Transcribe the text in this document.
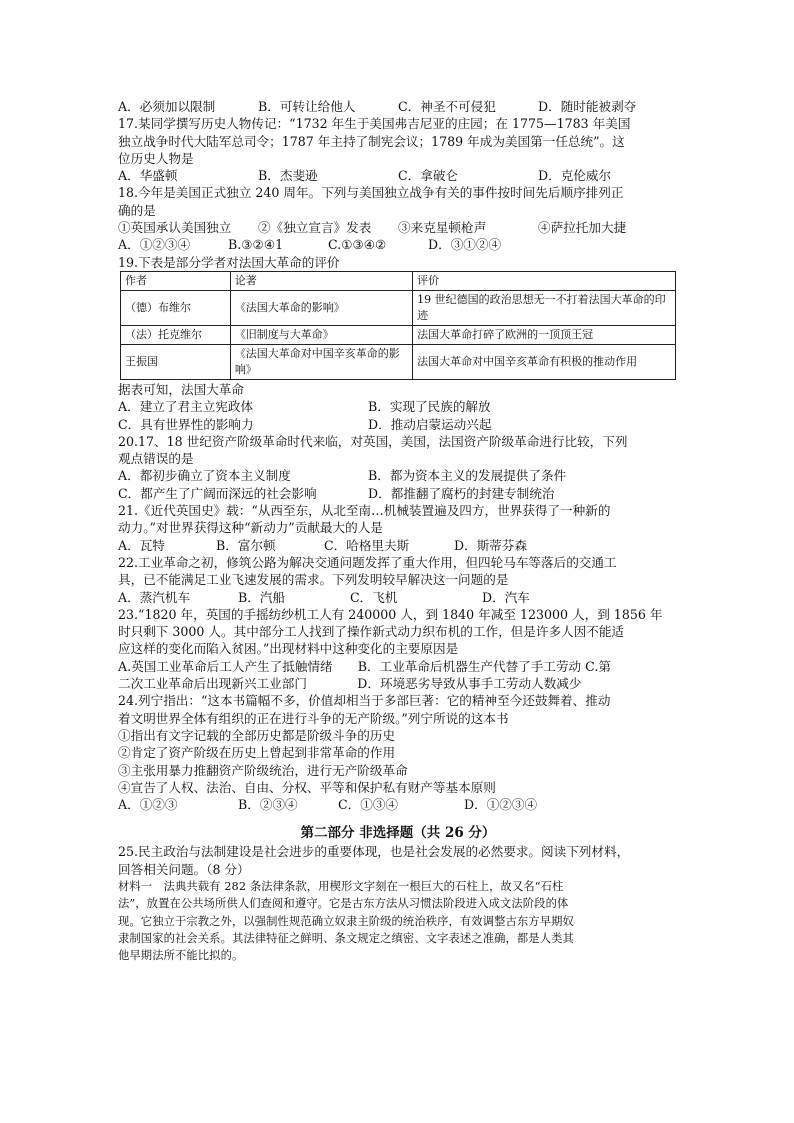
A．必须加以限制	B．可转让给他人	C．神圣不可侵犯	D．随时能被剥夺
17.某同学撰写历史人物传记：“1732 年生于美国弗吉尼亚的庄园；在 1775—1783 年美国
独立战争时代大陆军总司令；1787 年主持了制宪会议；1789 年成为美国第一任总统”。这
位历史人物是
A．华盛顿	B．杰斐逊	C．拿破仑	D．克伦威尔
18.今年是美国正式独立 240 周年。下列与美国独立战争有关的事件按时间先后顺序排列正
确的是
①英国承认美国独立	②《独立宣言》发表	③来克星顿枪声	④萨拉托加大捷
A．①②③④	B.③②④1	C.①③④②	D．③①②④
19.下表是部分学者对法国大革命的评价
作者	论著	评价
（德）布维尔	《法国大革命的影响》	19 世纪德国的政治思想无一不打着法国大革命的印迹
（法）托克维尔	《旧制度与大革命》	法国大革命打碎了欧洲的一顶顶王冠
王振国	《法国大革命对中国辛亥革命的影响》	法国大革命对中国辛亥革命有积极的推动作用
据表可知，法国大革命
A．建立了君主立宪政体	B．实现了民族的解放
C．具有世界性的影响力	D．推动启蒙运动兴起
20.17、18 世纪资产阶级革命时代来临，对英国，美国，法国资产阶级革命进行比较，下列
观点错误的是
A．都初步确立了资本主义制度	B．都为资本主义的发展提供了条件
C．都产生了广阔而深远的社会影响	D．都推翻了腐朽的封建专制统治
21.《近代英国史》载：“从西至东，从北至南…机械装置遍及四方，世界获得了一种新的
动力。”对世界获得这种“新动力”贡献最大的人是
A．瓦特	B．富尔顿	C．哈格里夫斯	D．斯蒂芬森
22.工业革命之初，修筑公路为解决交通问题发挥了重大作用，但四轮马车等落后的交通工
具，已不能满足工业飞速发展的需求。下列发明较早解决这一问题的是
A．蒸汽机车	B．汽船	C．飞机	D．汽车
23.“1820 年，英国的手摇纺纱机工人有 240000 人，到 1840 年减至 123000 人，到 1856 年
时只剩下 3000 人。其中部分工人找到了操作新式动力织布机的工作，但是许多人因不能适
应这样的变化而陷入贫困。”出现材料中这种变化的主要原因是
A.英国工业革命后工人产生了抵触情绪　　B．工业革命后机器生产代替了手工劳动 C.第
二次工业革命后出现新兴工业部门　　　　D．环境恶劣导致从事手工劳动人数减少
24.列宁指出：“这本书篇幅不多，价值却相当于多部巨著：它的精神至今还鼓舞着、推动
着文明世界全体有组织的正在进行斗争的无产阶级。”列宁所说的这本书
①指出有文字记载的全部历史都是阶级斗争的历史
②肯定了资产阶级在历史上曾起到非常革命的作用
③主张用暴力推翻资产阶级统治，进行无产阶级革命
④宣告了人权、法治、自由、分权、平等和保护私有财产等基本原则
A．①②③	B．②③④	C．①③④	D．①②③④
第二部分 非选择题（共 26 分）
25.民主政治与法制建设是社会进步的重要体现，也是社会发展的必然要求。阅读下列材料，
回答相关问题。（8 分）
材料一　法典共载有 282 条法律条款，用楔形文字刻在一根巨大的石柱上，故又名“石柱
法”，放置在公共场所供人们查阅和遵守。它是古东方法从习惯法阶段进入成文法阶段的体
现。它独立于宗教之外，以强制性规范确立奴隶主阶级的统治秩序，有效调整古东方早期奴
隶制国家的社会关系。其法律特征之鲜明、条文规定之缜密、文字表述之准确，都是人类其
他早期法所不能比拟的。
